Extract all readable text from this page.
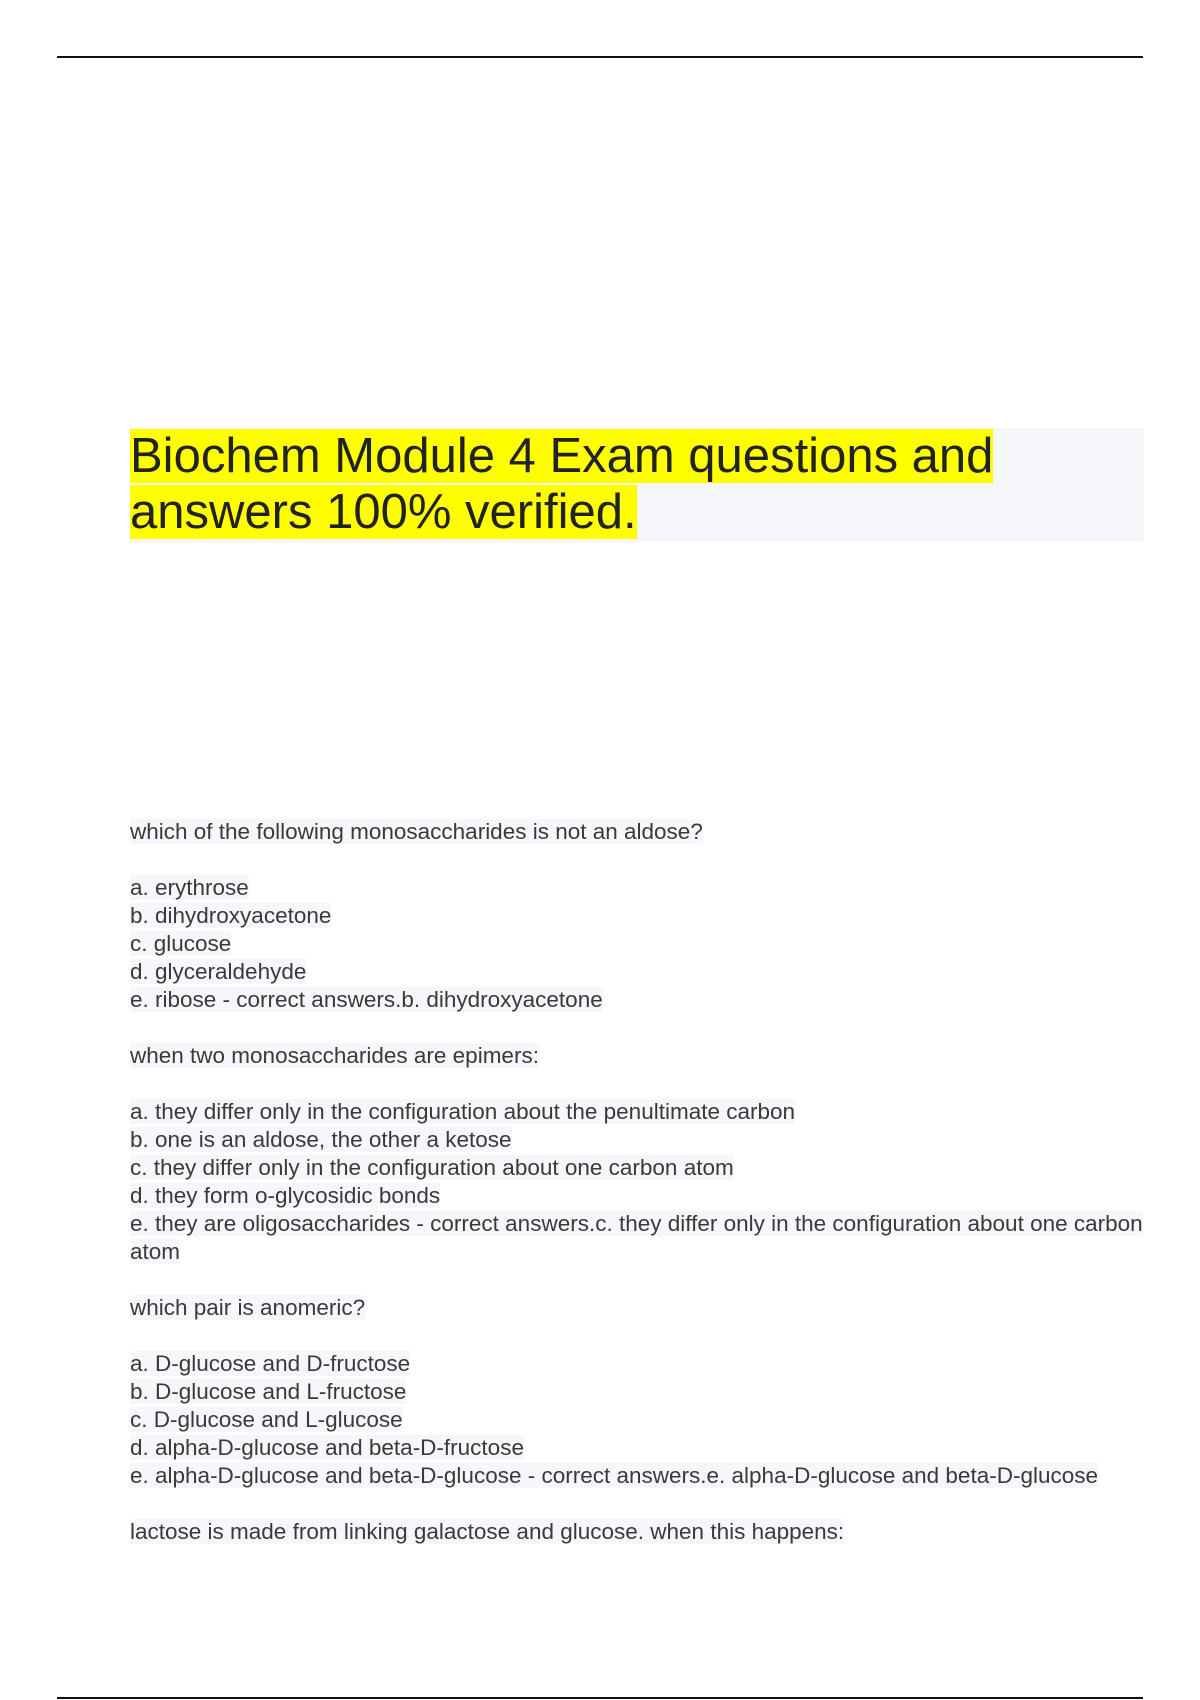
Biochem Module 4 Exam questions and answers 100% verified.
which of the following monosaccharides is not an aldose?
a. erythrose
b. dihydroxyacetone
c. glucose
d. glyceraldehyde
e. ribose - correct answers.b. dihydroxyacetone
when two monosaccharides are epimers:
a. they differ only in the configuration about the penultimate carbon
b. one is an aldose, the other a ketose
c. they differ only in the configuration about one carbon atom
d. they form o-glycosidic bonds
e. they are oligosaccharides - correct answers.c. they differ only in the configuration about one carbon atom
which pair is anomeric?
a. D-glucose and D-fructose
b. D-glucose and L-fructose
c. D-glucose and L-glucose
d. alpha-D-glucose and beta-D-fructose
e. alpha-D-glucose and beta-D-glucose - correct answers.e. alpha-D-glucose and beta-D-glucose
lactose is made from linking galactose and glucose. when this happens:
